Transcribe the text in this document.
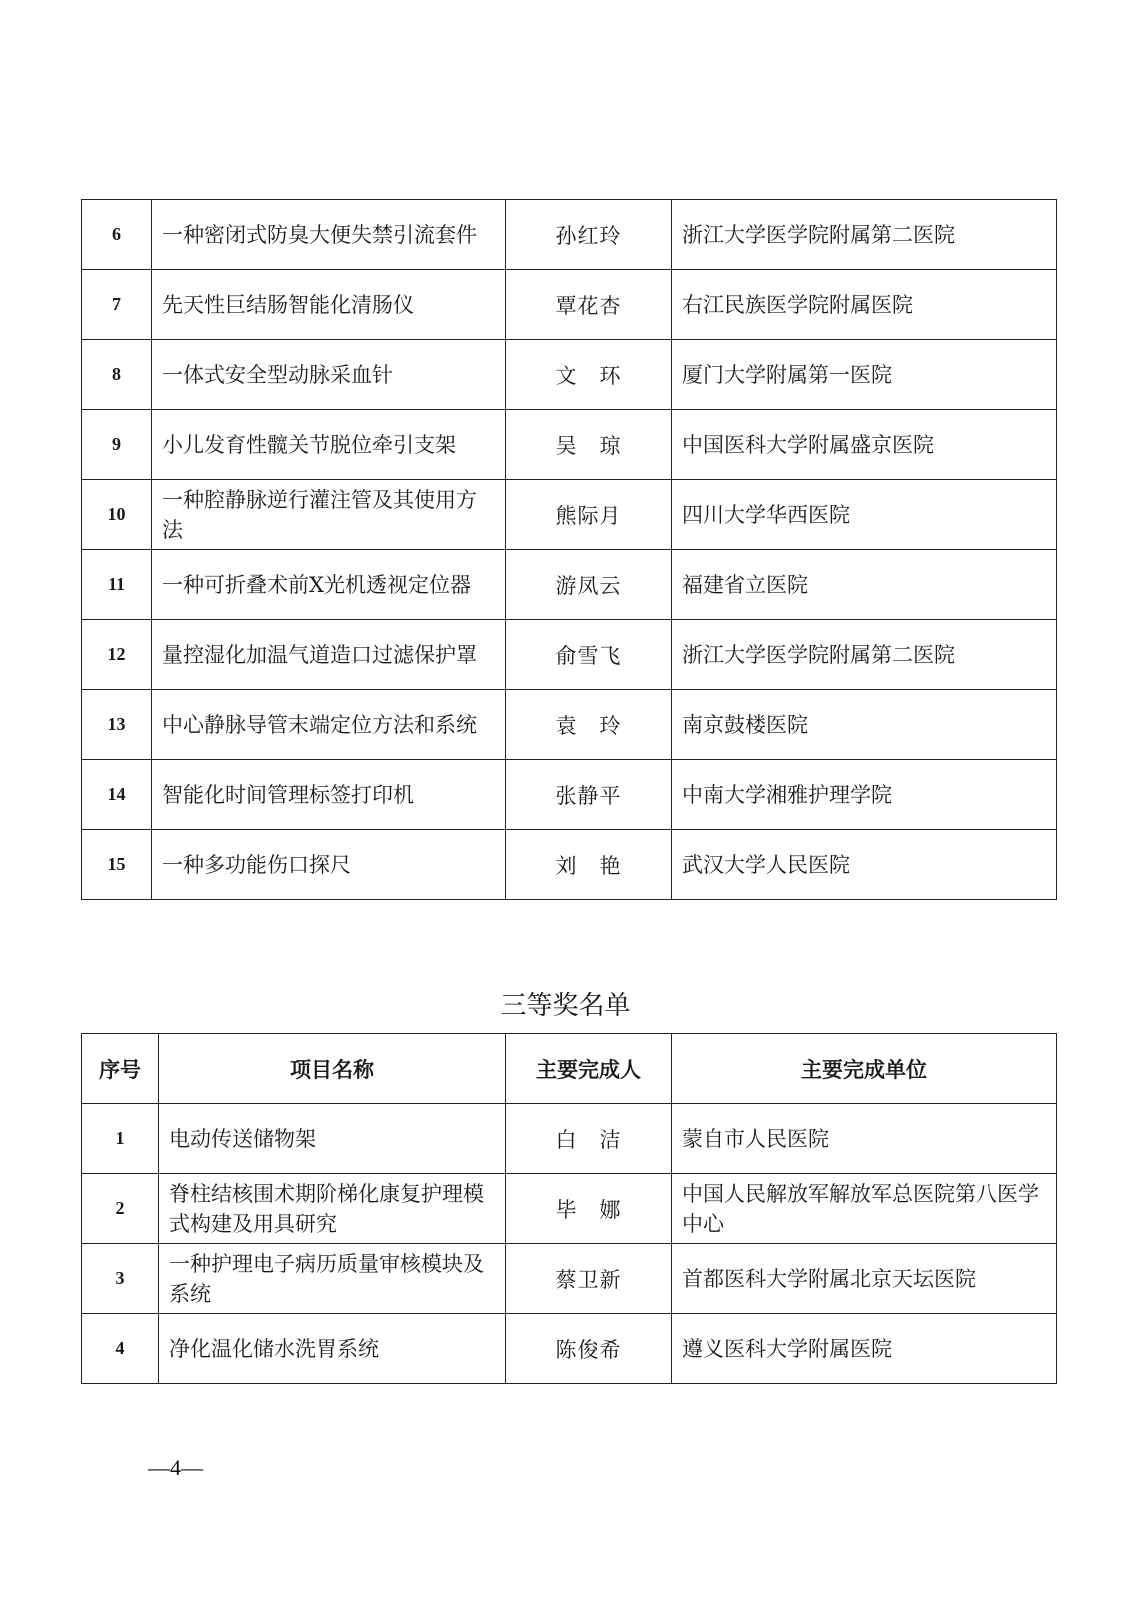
6	一种密闭式防臭大便失禁引流套件	孙红玲	浙江大学医学院附属第二医院
7	先天性巨结肠智能化清肠仪	覃花杏	右江民族医学院附属医院
8	一体式安全型动脉采血针	文　环	厦门大学附属第一医院
9	小儿发育性髋关节脱位牵引支架	吴　琼	中国医科大学附属盛京医院
10	一种腔静脉逆行灌注管及其使用方法	熊际月	四川大学华西医院
11	一种可折叠术前X光机透视定位器	游凤云	福建省立医院
12	量控湿化加温气道造口过滤保护罩	俞雪飞	浙江大学医学院附属第二医院
13	中心静脉导管末端定位方法和系统	袁　玲	南京鼓楼医院
14	智能化时间管理标签打印机	张静平	中南大学湘雅护理学院
15	一种多功能伤口探尺	刘　艳	武汉大学人民医院
三等奖名单
序号	项目名称	主要完成人	主要完成单位
1	电动传送储物架	白　洁	蒙自市人民医院
2	脊柱结核围术期阶梯化康复护理模式构建及用具研究	毕　娜	中国人民解放军解放军总医院第八医学中心
3	一种护理电子病历质量审核模块及系统	蔡卫新	首都医科大学附属北京天坛医院
4	净化温化储水洗胃系统	陈俊希	遵义医科大学附属医院
—4—
